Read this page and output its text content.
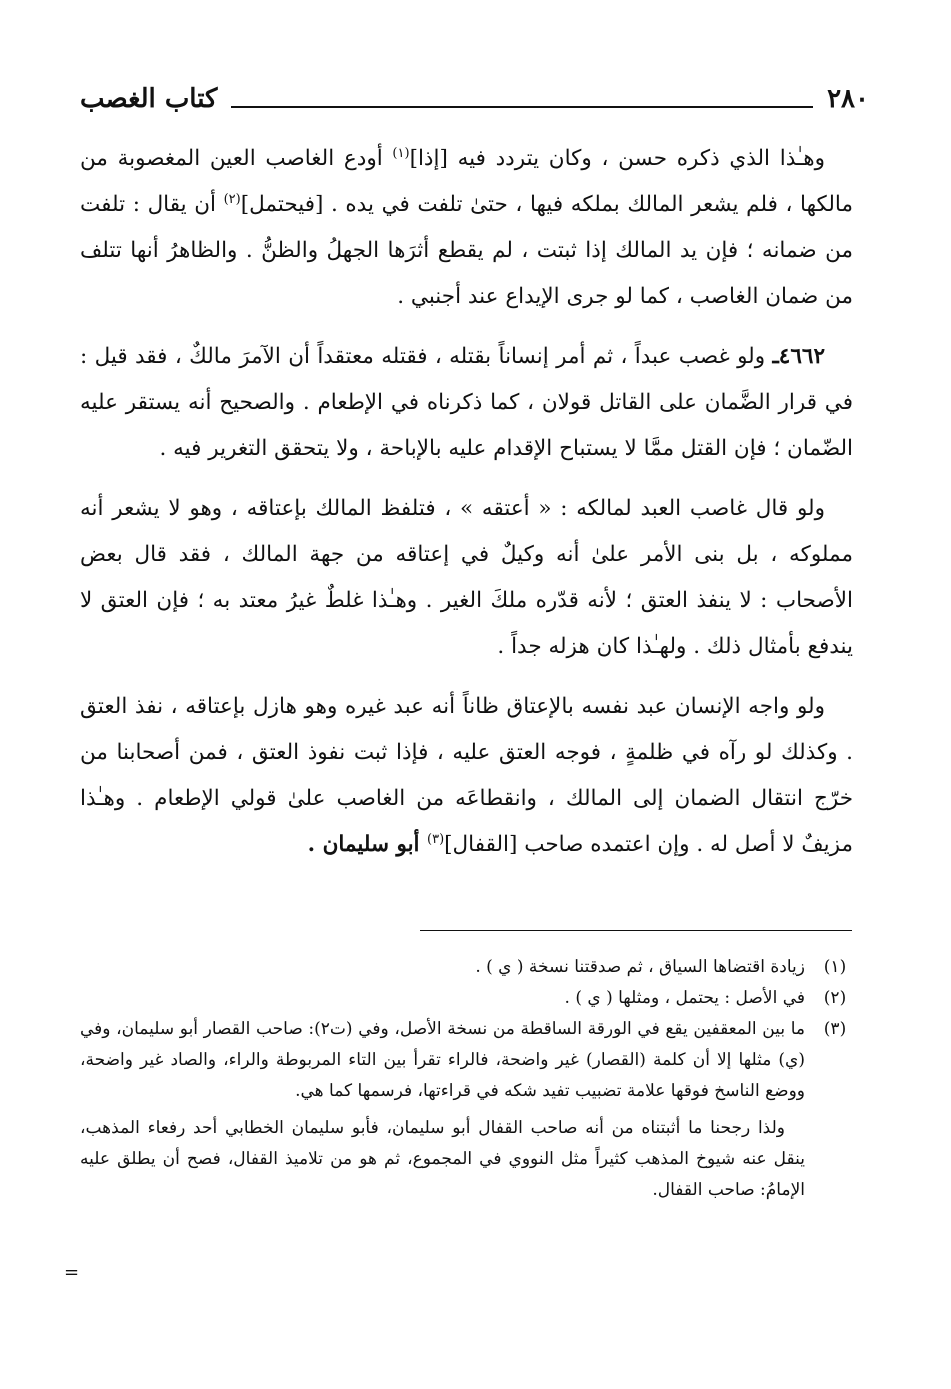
٢٨٠
كتاب الغصب

وهـٰذا الذي ذكره حسن ، وكان يتردد فيه [إذا]$^{(١)}$ أودع الغاصب العين المغصوبة من مالكها ، فلم يشعر المالك بملكه فيها ، حتىٰ تلفت في يده . [فيحتمل]$^{(٢)}$ أن يقال : تلفت من ضمانه ؛ فإن يد المالك إذا ثبتت ، لم يقطع أثرَها الجهلُ والظنُّ . والظاهرُ أنها تتلف من ضمان الغاصب ، كما لو جرى الإيداع عند أجنبي .

٤٦٦٢ـ ولو غصب عبداً ، ثم أمر إنساناً بقتله ، فقتله معتقداً أن الآمرَ مالكٌ ، فقد قيل : في قرار الضَّمان على القاتل قولان ، كما ذكرناه في الإطعام . والصحيح أنه يستقر عليه الضّمان ؛ فإن القتل ممَّا لا يستباح الإقدام عليه بالإباحة ، ولا يتحقق التغرير فيه .

ولو قال غاصب العبد لمالكه : « أعتقه » ، فتلفظ المالك بإعتاقه ، وهو لا يشعر أنه مملوكه ، بل بنى الأمر علىٰ أنه وكيلٌ في إعتاقه من جهة المالك ، فقد قال بعض الأصحاب : لا ينفذ العتق ؛ لأنه قدّره ملكَ الغير . وهـٰذا غلطٌ غيرُ معتد به ؛ فإن العتق لا يندفع بأمثال ذلك . ولهـٰذا كان هزله جداً .

ولو واجه الإنسان عبد نفسه بالإعتاق ظاناً أنه عبد غيره وهو هازل بإعتاقه ، نفذ العتق . وكذلك لو رآه في ظلمةٍ ، فوجه العتق عليه ، فإذا ثبت نفوذ العتق ، فمن أصحابنا من خرّج انتقال الضمان إلى المالك ، وانقطاعَه من الغاصب علىٰ قولي الإطعام . وهـٰذا مزيفٌ لا أصل له . وإن اعتمده صاحب [القفال]$^{(٣)}$ أبو سليمان .

(١)
زيادة اقتضاها السياق ، ثم صدقتنا نسخة ( ي ) .
(٢)
في الأصل : يحتمل ، ومثلها ( ي ) .
(٣)
ما بين المعقفين يقع في الورقة الساقطة من نسخة الأصل، وفي (ت٢): صاحب القصار أبو سليمان، وفي (ي) مثلها إلا أن كلمة (القصار) غير واضحة، فالراء تقرأ بين التاء المربوطة والراء، والصاد غير واضحة، ووضع الناسخ فوقها علامة تضبيب تفيد شكه في قراءتها، فرسمها كما هي.
ولذا رجحنا ما أثبتناه من أنه صاحب القفال أبو سليمان، فأبو سليمان الخطابي أحد رفعاء المذهب، ينقل عنه شيوخ المذهب كثيراً مثل النووي في المجموع، ثم هو من تلاميذ القفال، فصح أن يطلق عليه الإمامُ: صاحب القفال.
=
